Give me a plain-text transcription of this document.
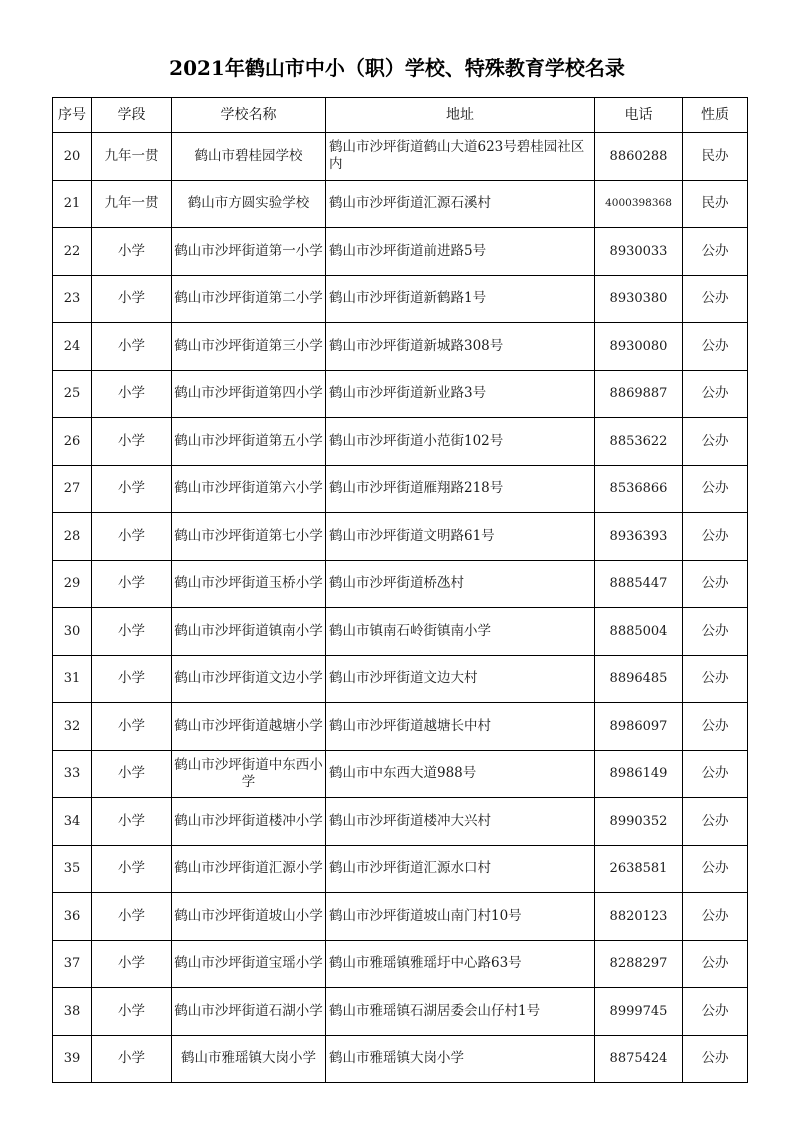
2021年鹤山市中小（职）学校、特殊教育学校名录
序号	学段	学校名称	地址	电话	性质
20	九年一贯	鹤山市碧桂园学校	鹤山市沙坪街道鹤山大道623号碧桂园社区内	8860288	民办
21	九年一贯	鹤山市方圆实验学校	鹤山市沙坪街道汇源石溪村	4000398368	民办
22	小学	鹤山市沙坪街道第一小学	鹤山市沙坪街道前进路5号	8930033	公办
23	小学	鹤山市沙坪街道第二小学	鹤山市沙坪街道新鹤路1号	8930380	公办
24	小学	鹤山市沙坪街道第三小学	鹤山市沙坪街道新城路308号	8930080	公办
25	小学	鹤山市沙坪街道第四小学	鹤山市沙坪街道新业路3号	8869887	公办
26	小学	鹤山市沙坪街道第五小学	鹤山市沙坪街道小范街102号	8853622	公办
27	小学	鹤山市沙坪街道第六小学	鹤山市沙坪街道雁翔路218号	8536866	公办
28	小学	鹤山市沙坪街道第七小学	鹤山市沙坪街道文明路61号	8936393	公办
29	小学	鹤山市沙坪街道玉桥小学	鹤山市沙坪街道桥氹村	8885447	公办
30	小学	鹤山市沙坪街道镇南小学	鹤山市镇南石岭街镇南小学	8885004	公办
31	小学	鹤山市沙坪街道文边小学	鹤山市沙坪街道文边大村	8896485	公办
32	小学	鹤山市沙坪街道越塘小学	鹤山市沙坪街道越塘长中村	8986097	公办
33	小学	鹤山市沙坪街道中东西小学	鹤山市中东西大道988号	8986149	公办
34	小学	鹤山市沙坪街道楼冲小学	鹤山市沙坪街道楼冲大兴村	8990352	公办
35	小学	鹤山市沙坪街道汇源小学	鹤山市沙坪街道汇源水口村	2638581	公办
36	小学	鹤山市沙坪街道坡山小学	鹤山市沙坪街道坡山南门村10号	8820123	公办
37	小学	鹤山市沙坪街道宝瑶小学	鹤山市雅瑶镇雅瑶圩中心路63号	8288297	公办
38	小学	鹤山市沙坪街道石湖小学	鹤山市雅瑶镇石湖居委会山仔村1号	8999745	公办
39	小学	鹤山市雅瑶镇大岗小学	鹤山市雅瑶镇大岗小学	8875424	公办
